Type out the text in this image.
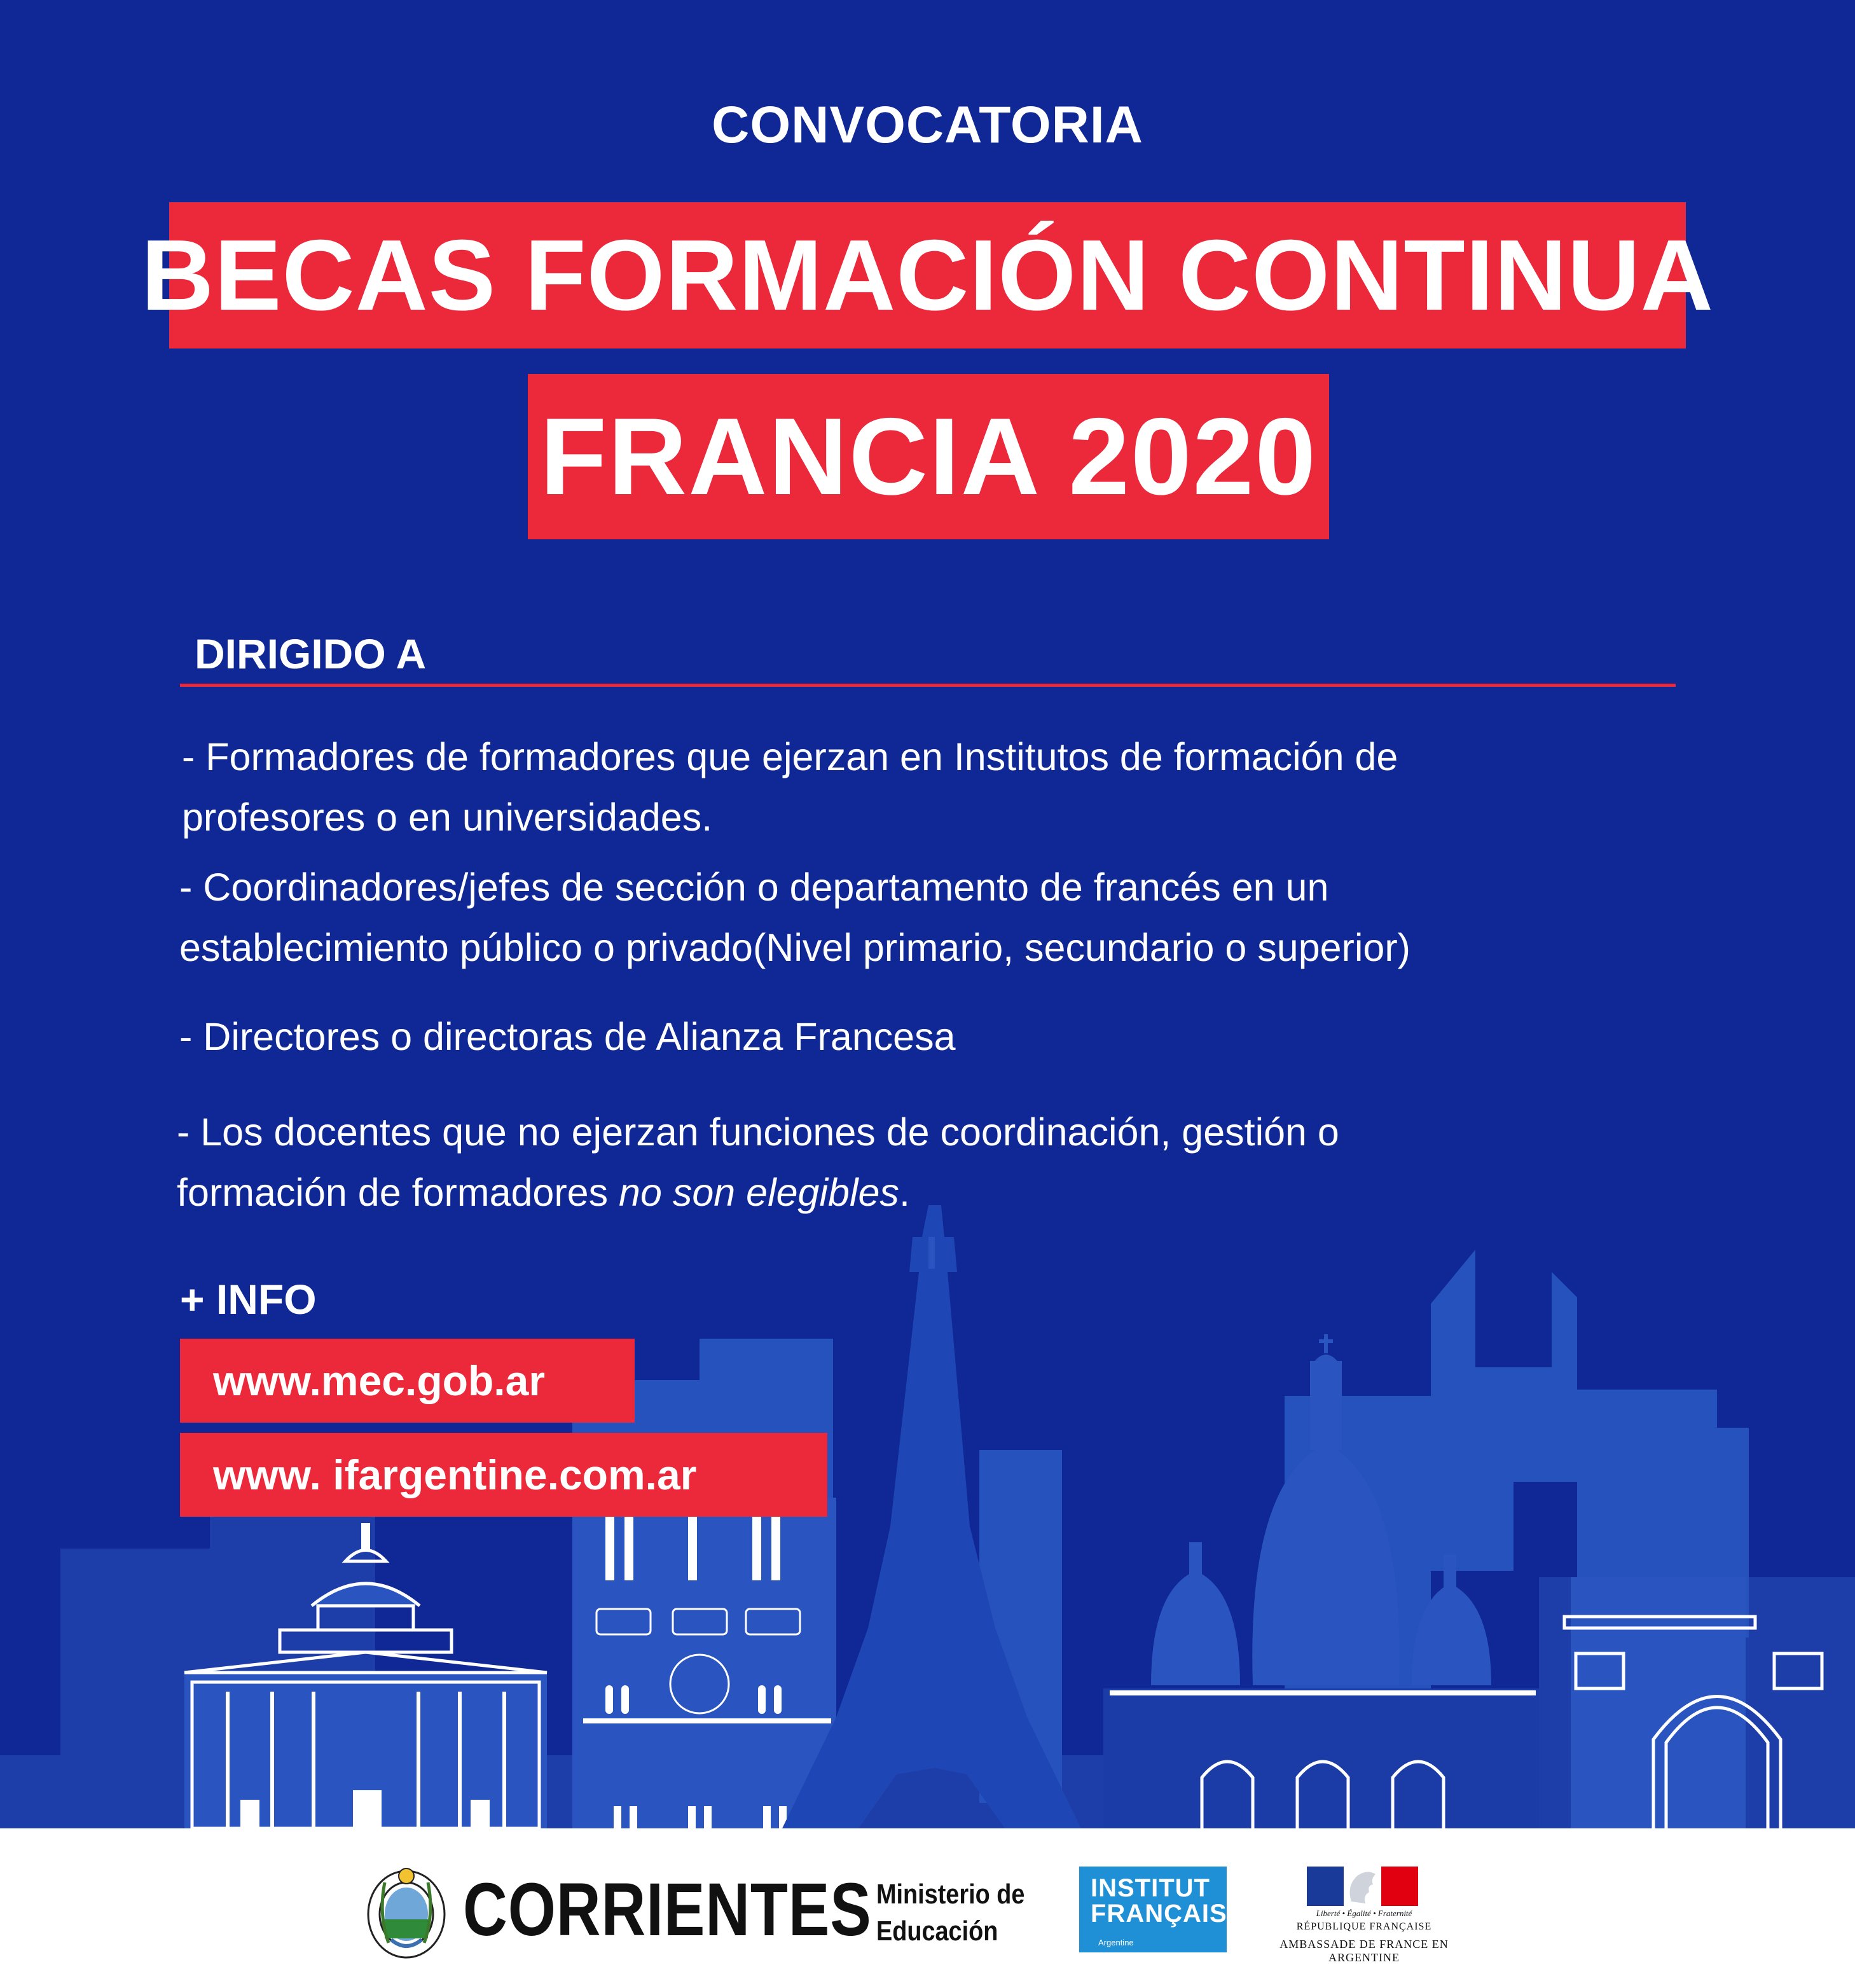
CONVOCATORIA
BECAS FORMACIÓN CONTINUA
FRANCIA 2020
DIRIGIDO A
- Formadores de formadores que ejerzan en Institutos de formación de
profesores o en universidades.
- Coordinadores/jefes de sección o departamento de francés en un
establecimiento público o privado(Nivel primario, secundario o superior)
- Directores o directoras de Alianza Francesa
- Los docentes que no ejerzan funciones de coordinación, gestión o
formación de formadores no son elegibles.
+ INFO
www.mec.gob.ar
www. ifargentine.com.ar
CORRIENTES Ministerio de
Educación
INSTITUT
FRANÇAIS
Argentine
Liberté • Égalité • Fraternité
RÉPUBLIQUE FRANÇAISE
AMBASSADE DE FRANCE EN ARGENTINE
